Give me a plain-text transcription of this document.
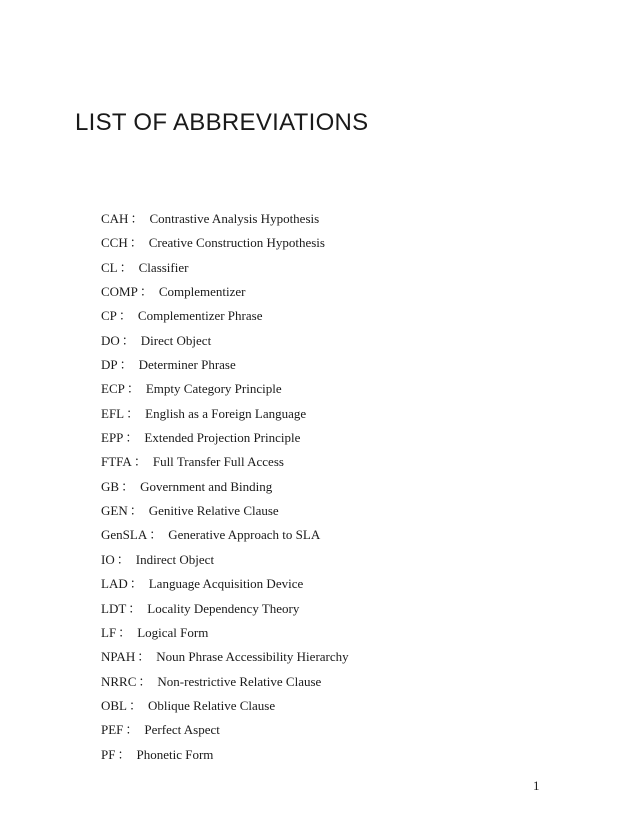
LIST OF ABBREVIATIONS
CAH ： Contrastive Analysis Hypothesis
CCH ： Creative Construction Hypothesis
CL ： Classifier
COMP ： Complementizer
CP ： Complementizer Phrase
DO ： Direct Object
DP ： Determiner Phrase
ECP ： Empty Category Principle
EFL ： English as a Foreign Language
EPP ： Extended Projection Principle
FTFA ： Full Transfer Full Access
GB ： Government and Binding
GEN ： Genitive Relative Clause
GenSLA ： Generative Approach to SLA
IO ： Indirect Object
LAD ： Language Acquisition Device
LDT ： Locality Dependency Theory
LF ： Logical Form
NPAH ： Noun Phrase Accessibility Hierarchy
NRRC ： Non-restrictive Relative Clause
OBL ： Oblique Relative Clause
PEF ： Perfect Aspect
PF ： Phonetic Form
1
